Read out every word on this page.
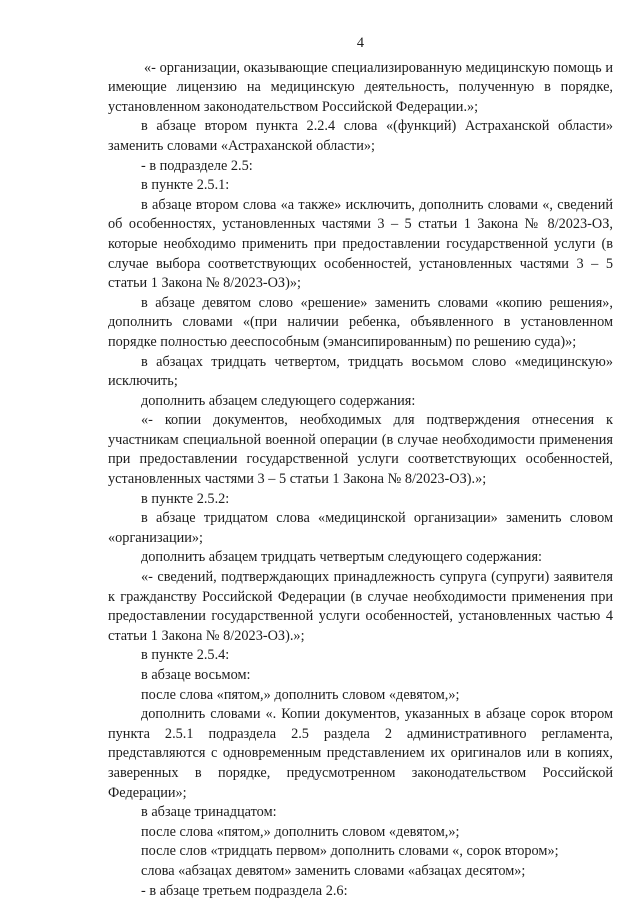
4

«- организации, оказывающие специализированную медицинскую помощь и имеющие лицензию на медицинскую деятельность, полученную в порядке, установленном законодательством Российской Федерации.»;

в абзаце втором пункта 2.2.4 слова «(функций) Астраханской области» заменить словами «Астраханской области»;

- в подразделе 2.5:

в пункте 2.5.1:

в абзаце втором слова «а также» исключить, дополнить словами «, сведений об особенностях, установленных частями 3 – 5 статьи 1 Закона № 8/2023-ОЗ, которые необходимо применить при предоставлении государственной услуги (в случае выбора соответствующих особенностей, установленных частями 3 – 5 статьи 1 Закона № 8/2023-ОЗ)»;

в абзаце девятом слово «решение» заменить словами «копию решения», дополнить словами «(при наличии ребенка, объявленного в установленном порядке полностью дееспособным (эмансипированным) по решению суда)»;

в абзацах тридцать четвертом, тридцать восьмом слово «медицинскую» исключить;

дополнить абзацем следующего содержания:

«- копии документов, необходимых для подтверждения отнесения к участникам специальной военной операции (в случае необходимости применения при предоставлении государственной услуги соответствующих особенностей, установленных частями 3 – 5 статьи 1 Закона № 8/2023-ОЗ).»;

в пункте 2.5.2:

в абзаце тридцатом слова «медицинской организации» заменить словом «организации»;

дополнить абзацем тридцать четвертым следующего содержания:

«- сведений, подтверждающих принадлежность супруга (супруги) заявителя к гражданству Российской Федерации (в случае необходимости применения при предоставлении государственной услуги особенностей, установленных частью 4 статьи 1 Закона № 8/2023-ОЗ).»;

в пункте 2.5.4:

в абзаце восьмом:

после слова «пятом,» дополнить словом «девятом,»;

дополнить словами «. Копии документов, указанных в абзаце сорок втором пункта 2.5.1 подраздела 2.5 раздела 2 административного регламента, представляются с одновременным представлением их оригиналов или в копиях, заверенных в порядке, предусмотренном законодательством Российской Федерации»;

в абзаце тринадцатом:

после слова «пятом,» дополнить словом «девятом,»;

после слов «тридцать первом» дополнить словами «, сорок втором»;

слова «абзацах девятом» заменить словами «абзацах десятом»;

- в абзаце третьем подраздела 2.6:
